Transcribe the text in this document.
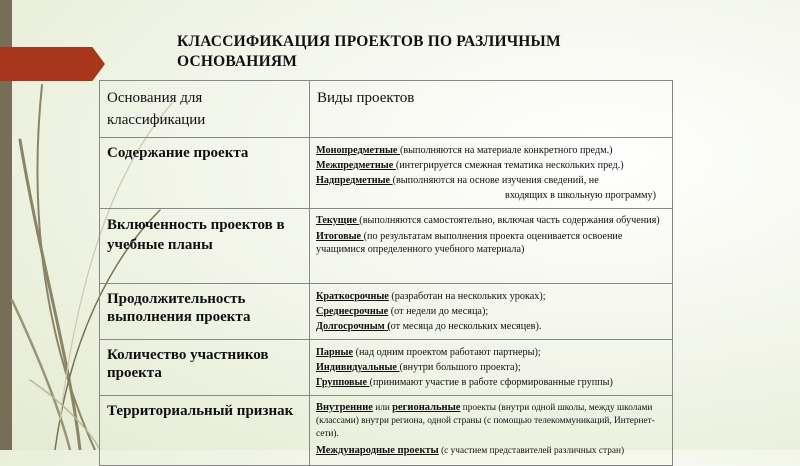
КЛАССИФИКАЦИЯ ПРОЕКТОВ ПО РАЗЛИЧНЫМ
ОСНОВАНИЯМ
Основания для классификации	Виды проектов
Содержание проекта	Монопредметные (выполняются на материале конкретного предм.)
Межпредметные (интегрируется смежная тематика нескольких пред.)
Надпредметные (выполняются на основе изучения сведений, не
входящих в школьную программу)

Включенность проектов в учебные планы	Текущие (выполняются самостоятельно, включая часть содержания обучения)
Итоговые (по результатам выполнения проекта оценивается освоение учащимися определенного учебного материала)

Продолжительность выполнения проекта	Краткосрочные (разработан на нескольких уроках);
Среднесрочные (от недели до месяца);
Долгосрочным (от месяца до нескольких месяцев).

Количество участников проекта	Парные (над одним проектом работают партнеры);
Индивидуальные (внутри большого проекта);
Групповые (принимают участие в работе сформированные группы)

Территориальный признак	Внутренние или региональные проекты (внутри одной школы, между школами (классами) внутри региона, одной страны (с помощью телекоммуникаций, Интернет-сети).
Международные проекты (с участием представителей различных стран)
